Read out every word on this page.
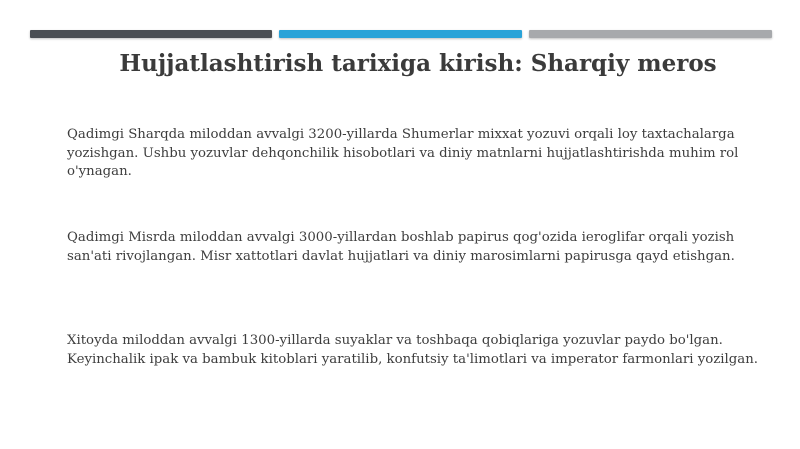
Hujjatlashtirish tarixiga kirish: Sharqiy meros

Qadimgi Sharqda miloddan avvalgi 3200-yillarda Shumerlar mixxat yozuvi orqali loy taxtachalarga yozishgan. Ushbu yozuvlar dehqonchilik hisobotlari va diniy matnlarni hujjatlashtirishda muhim rol o'ynagan.

Qadimgi Misrda miloddan avvalgi 3000-yillardan boshlab papirus qog'ozida ieroglifar orqali yozish san'ati rivojlangan. Misr xattotlari davlat hujjatlari va diniy marosimlarni papirusga qayd etishgan.

Xitoyda miloddan avvalgi 1300-yillarda suyaklar va toshbaqa qobiqlariga yozuvlar paydo bo'lgan. Keyinchalik ipak va bambuk kitoblari yaratilib, konfutsiy ta'limotlari va imperator farmonlari yozilgan.
